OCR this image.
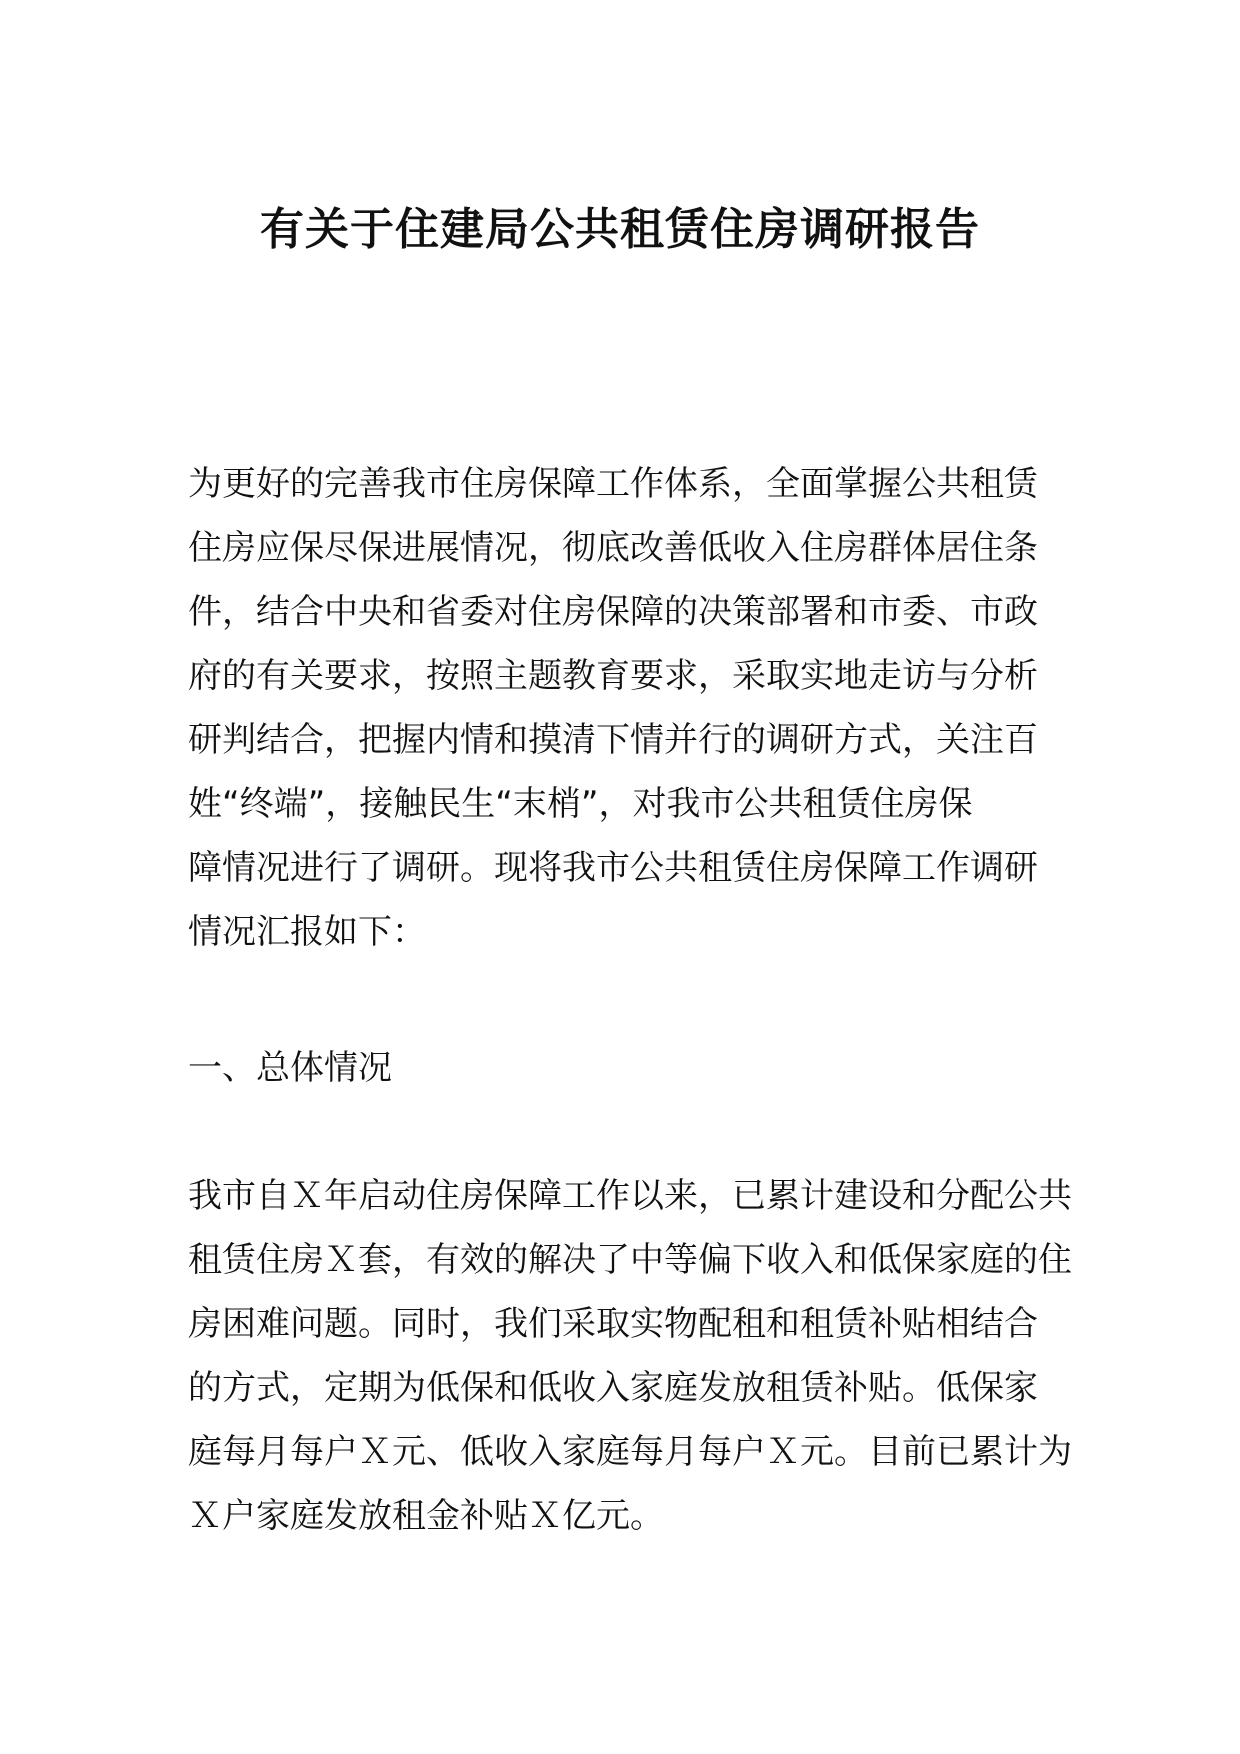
有关于住建局公共租赁住房调研报告
为更好的完善我市住房保障工作体系，全面掌握公共租赁
住房应保尽保进展情况，彻底改善低收入住房群体居住条
件，结合中央和省委对住房保障的决策部署和市委、市政
府的有关要求，按照主题教育要求，采取实地走访与分析
研判结合，把握内情和摸清下情并行的调研方式，关注百
姓“终端”，接触民生“末梢”，对我市公共租赁住房保
障情况进行了调研。现将我市公共租赁住房保障工作调研
情况汇报如下：
一、总体情况
我市自Ｘ年启动住房保障工作以来，已累计建设和分配公共
租赁住房Ｘ套，有效的解决了中等偏下收入和低保家庭的住
房困难问题。同时，我们采取实物配租和租赁补贴相结合
的方式，定期为低保和低收入家庭发放租赁补贴。低保家
庭每月每户Ｘ元、低收入家庭每月每户Ｘ元。目前已累计为
Ｘ户家庭发放租金补贴Ｘ亿元。
